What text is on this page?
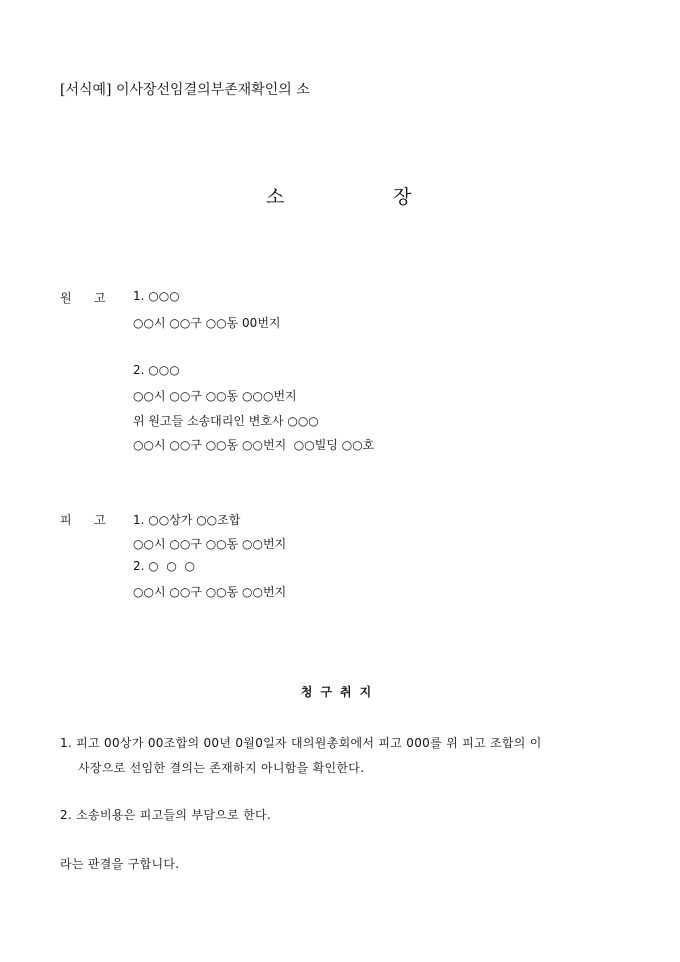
[서식예] 이사장선임결의부존재확인의 소
소	장
원 고 1. ○○○
○○시 ○○구 ○○동 00번지
2. ○○○
○○시 ○○구 ○○동 ○○○번지
위 원고들 소송대리인 변호사 ○○○
○○시 ○○구 ○○동 ○○번지  ○○빌딩 ○○호
피 고 1. ○○상가 ○○조합
○○시 ○○구 ○○동 ○○번지
2. ○  ○  ○
○○시 ○○구 ○○동 ○○번지
청구취지
1. 피고 00상가 00조합의 00년 0월0일자 대의원총회에서 피고 000를 위 피고 조합의 이
사장으로 선임한 결의는 존재하지 아니함을 확인한다.
2. 소송비용은 피고들의 부담으로 한다.
라는 판결을 구합니다.
